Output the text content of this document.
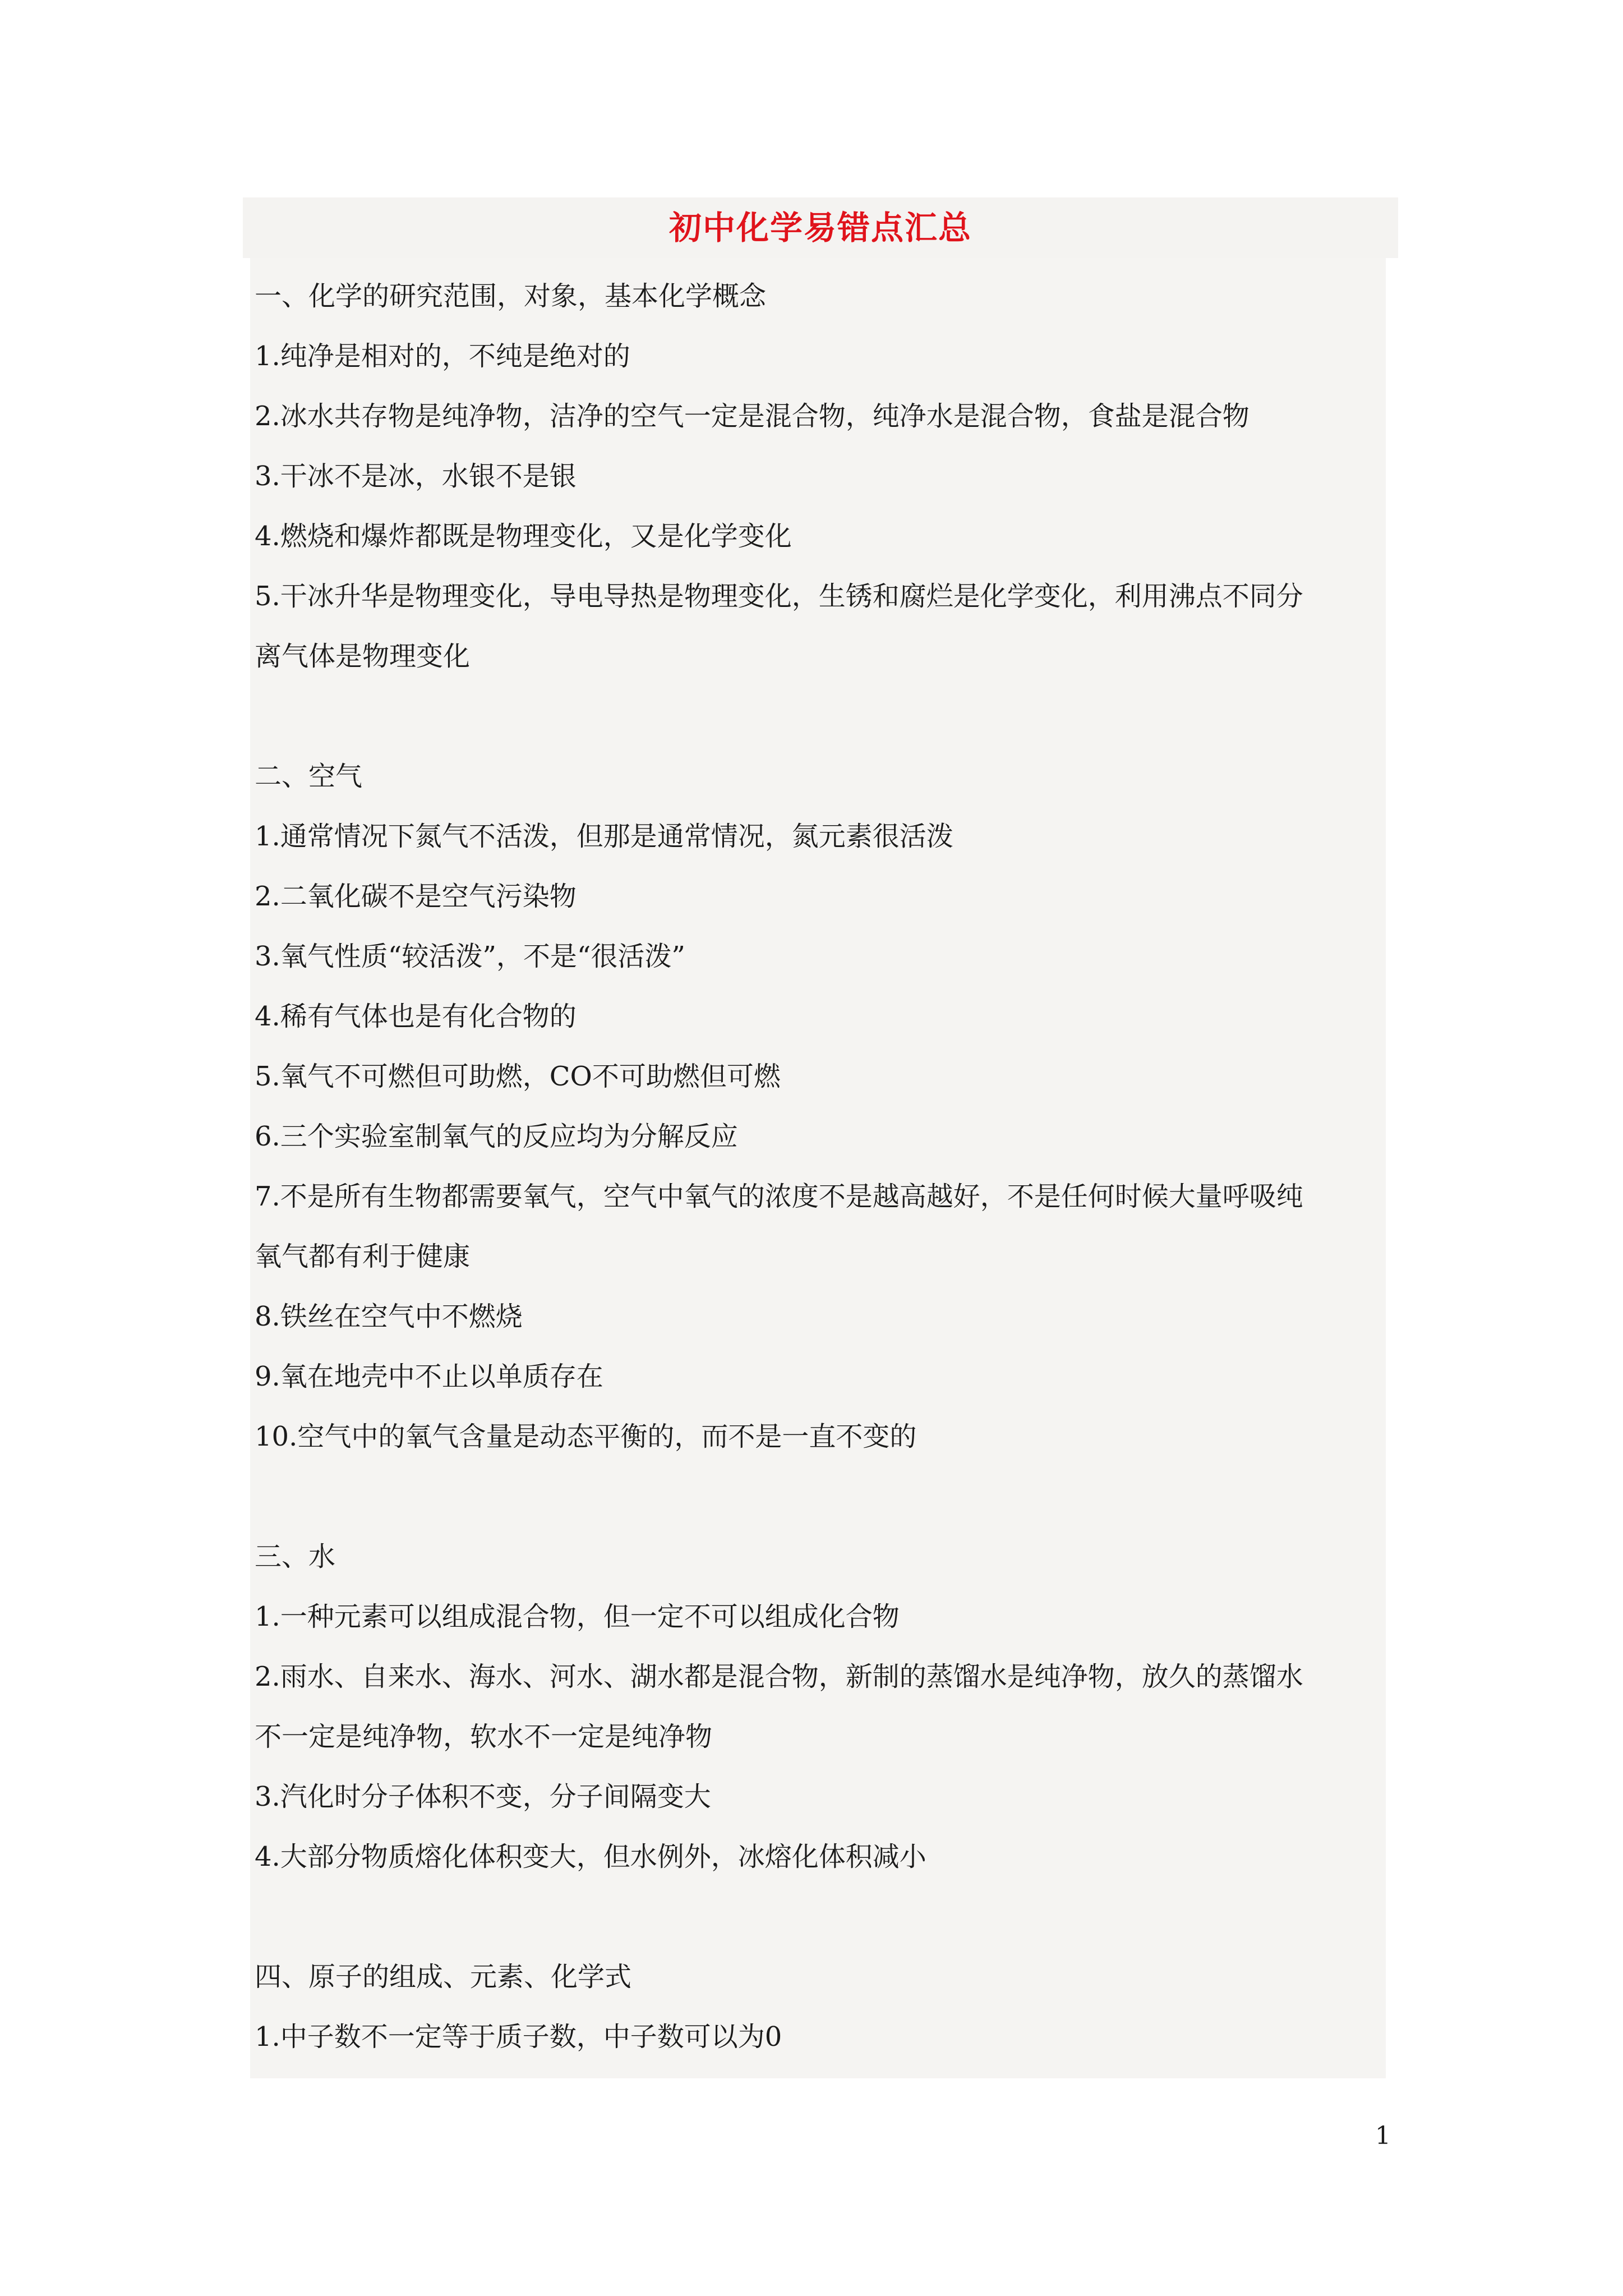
初中化学易错点汇总
一、化学的研究范围，对象，基本化学概念
1.纯净是相对的，不纯是绝对的
2.冰水共存物是纯净物，洁净的空气一定是混合物，纯净水是混合物，食盐是混合物
3.干冰不是冰，水银不是银
4.燃烧和爆炸都既是物理变化，又是化学变化
5.干冰升华是物理变化，导电导热是物理变化，生锈和腐烂是化学变化，利用沸点不同分
离气体是物理变化
二、空气
1.通常情况下氮气不活泼，但那是通常情况，氮元素很活泼
2.二氧化碳不是空气污染物
3.氧气性质“较活泼”，不是“很活泼”
4.稀有气体也是有化合物的
5.氧气不可燃但可助燃，CO不可助燃但可燃
6.三个实验室制氧气的反应均为分解反应
7.不是所有生物都需要氧气，空气中氧气的浓度不是越高越好，不是任何时候大量呼吸纯
氧气都有利于健康
8.铁丝在空气中不燃烧
9.氧在地壳中不止以单质存在
10.空气中的氧气含量是动态平衡的，而不是一直不变的
三、水
1.一种元素可以组成混合物，但一定不可以组成化合物
2.雨水、自来水、海水、河水、湖水都是混合物，新制的蒸馏水是纯净物，放久的蒸馏水
不一定是纯净物，软水不一定是纯净物
3.汽化时分子体积不变，分子间隔变大
4.大部分物质熔化体积变大，但水例外，冰熔化体积减小
四、原子的组成、元素、化学式
1.中子数不一定等于质子数，中子数可以为0
1
